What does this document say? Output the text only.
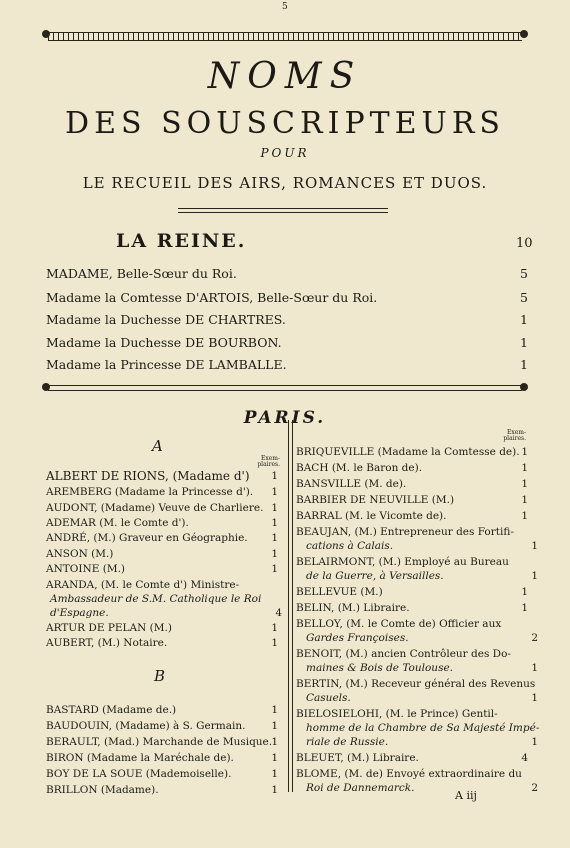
5
NOMS
DES SOUSCRIPTEURS
POUR
LE RECUEIL DES AIRS, ROMANCES ET DUOS.
LA REINE.	10
MADAME, Belle-Sœur du Roi.	5
Madame la Comtesse D'ARTOIS, Belle-Sœur du Roi.	5
Madame la Duchesse DE CHARTRES.	1
Madame la Duchesse DE BOURBON.	1
Madame la Princesse DE LAMBALLE.	1
PARIS.
A
Exem- plaires.
ALBERT DE RIONS, (Madame d') 1
AREMBERG (Madame la Princesse d'). 1
AUDONT, (Madame) Veuve de Charliere. 1
ADEMAR (M. le Comte d').	1
ANDRÉ, (M.) Graveur en Géographie. 1
ANSON (M.)	1
ANTOINE (M.)	1
ARANDA, (M. le Comte d') Ministre-
Ambassadeur de S.M. Catholique le Roi
d'Espagne.	4
ARTUR DE PELAN (M.)	1
AUBERT, (M.) Notaire.	1
B
BASTARD (Madame de.)	1
BAUDOUIN, (Madame) à S. Germain. 1
BERAULT, (Mad.) Marchande de Musique. 1
BIRON (Madame la Maréchale de).	1
BOY DE LA SOUE (Mademoiselle).	1
BRILLON (Madame).	1
Exem- plaires.
BRIQUEVILLE (Madame la Comtesse de). 1
BACH (M. le Baron de).	1
BANSVILLE (M. de).	1
BARBIER DE NEUVILLE (M.)	1
BARRAL (M. le Vicomte de).	1
BEAUJAN, (M.) Entrepreneur des Fortifi-
cations à Calais.	1
BELAIRMONT, (M.) Employé au Bureau
de la Guerre, à Versailles.	1
BELLEVUE (M.)	1
BELIN, (M.) Libraire.	1
BELLOY, (M. le Comte de) Officier aux
Gardes Françoises.	2
BENOIT, (M.) ancien Contrôleur des Do-
maines & Bois de Toulouse.	1
BERTIN, (M.) Receveur général des Revenus
Casuels.	1
BIELOSIELOHI, (M. le Prince) Gentil-
homme de la Chambre de Sa Majesté Impé-
riale de Russie.	1
BLEUET, (M.) Libraire.	4
BLOME, (M. de) Envoyé extraordinaire du
Roi de Dannemarck.	2
A iij
